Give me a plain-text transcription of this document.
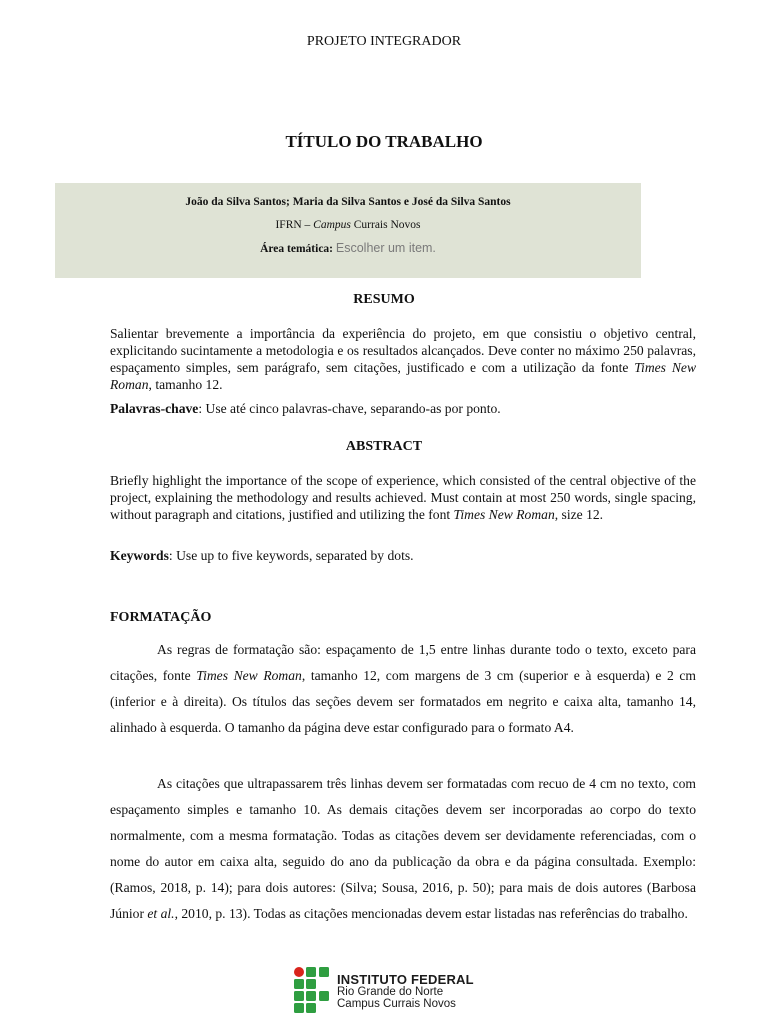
PROJETO INTEGRADOR
TÍTULO DO TRABALHO
João da Silva Santos; Maria da Silva Santos e José da Silva Santos
IFRN – Campus Currais Novos
Área temática: Escolher um item.
RESUMO
Salientar brevemente a importância da experiência do projeto, em que consistiu o objetivo central, explicitando sucintamente a metodologia e os resultados alcançados. Deve conter no máximo 250 palavras, espaçamento simples, sem parágrafo, sem citações, justificado e com a utilização da fonte Times New Roman, tamanho 12.
Palavras-chave: Use até cinco palavras-chave, separando-as por ponto.
ABSTRACT
Briefly highlight the importance of the scope of experience, which consisted of the central objective of the project, explaining the methodology and results achieved. Must contain at most 250 words, single spacing, without paragraph and citations, justified and utilizing the font Times New Roman, size 12.
Keywords: Use up to five keywords, separated by dots.
FORMATAÇÃO
As regras de formatação são: espaçamento de 1,5 entre linhas durante todo o texto, exceto para citações, fonte Times New Roman, tamanho 12, com margens de 3 cm (superior e à esquerda) e 2 cm (inferior e à direita). Os títulos das seções devem ser formatados em negrito e caixa alta, tamanho 14, alinhado à esquerda. O tamanho da página deve estar configurado para o formato A4.
As citações que ultrapassarem três linhas devem ser formatadas com recuo de 4 cm no texto, com espaçamento simples e tamanho 10. As demais citações devem ser incorporadas ao corpo do texto normalmente, com a mesma formatação. Todas as citações devem ser devidamente referenciadas, com o nome do autor em caixa alta, seguido do ano da publicação da obra e da página consultada. Exemplo: (Ramos, 2018, p. 14); para dois autores: (Silva; Sousa, 2016, p. 50); para mais de dois autores (Barbosa Júnior et al., 2010, p. 13). Todas as citações mencionadas devem estar listadas nas referências do trabalho.
INSTITUTO FEDERAL
Rio Grande do Norte
Campus Currais Novos
